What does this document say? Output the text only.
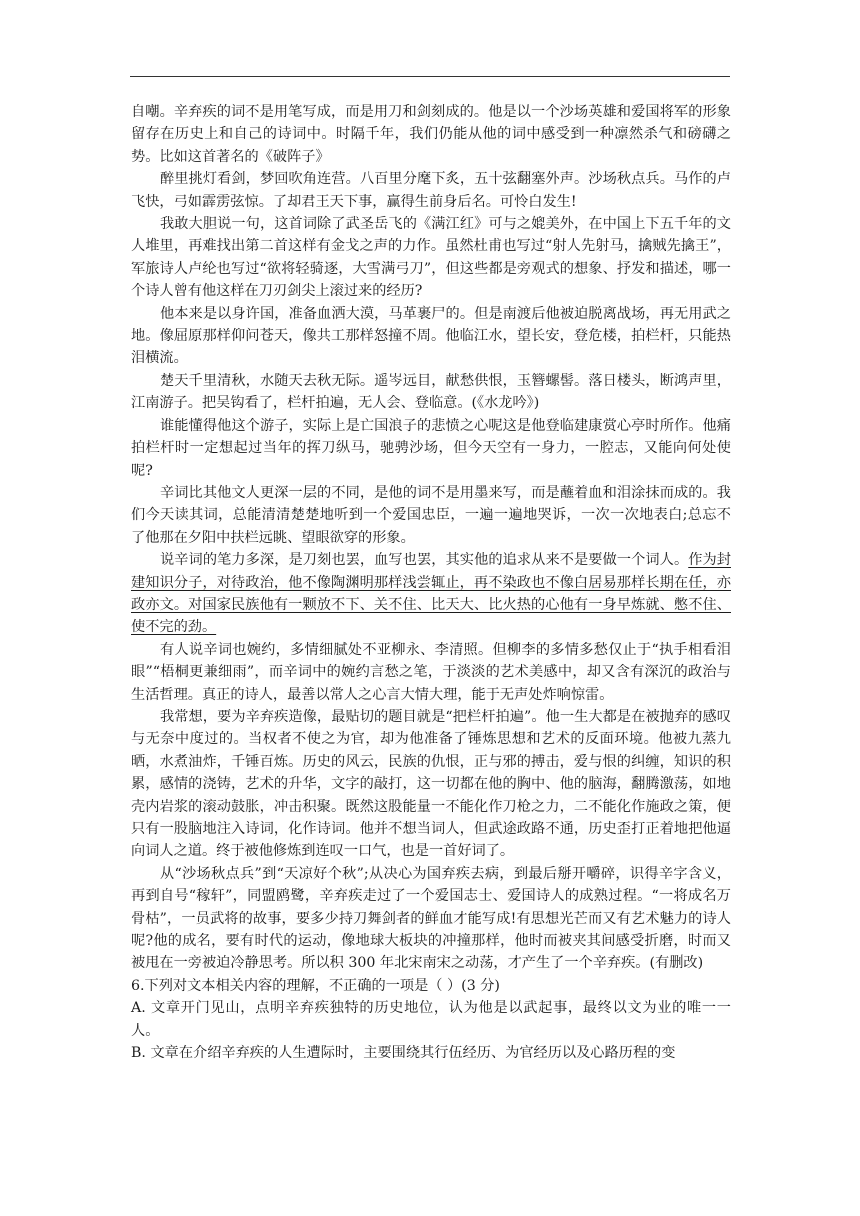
自嘲。辛弃疾的词不是用笔写成，而是用刀和剑刻成的。他是以一个沙场英雄和爱国将军的形象留存在历史上和自己的诗词中。时隔千年，我们仍能从他的词中感受到一种凛然杀气和磅礴之势。比如这首著名的《破阵子》

醉里挑灯看剑，梦回吹角连营。八百里分麾下炙，五十弦翻塞外声。沙场秋点兵。马作的卢飞快，弓如霹雳弦惊。了却君王天下事，赢得生前身后名。可怜白发生!

我敢大胆说一句，这首词除了武圣岳飞的《满江红》可与之媲美外，在中国上下五千年的文人堆里，再难找出第二首这样有金戈之声的力作。虽然杜甫也写过“射人先射马，擒贼先擒王”，军旅诗人卢纶也写过“欲将轻骑逐，大雪满弓刀”，但这些都是旁观式的想象、抒发和描述，哪一个诗人曾有他这样在刀刃剑尖上滚过来的经历?

他本来是以身许国，准备血洒大漠，马革裹尸的。但是南渡后他被迫脱离战场，再无用武之地。像屈原那样仰问苍天，像共工那样怒撞不周。他临江水，望长安，登危楼，拍栏杆，只能热泪横流。

楚天千里清秋，水随天去秋无际。遥岑远目，献愁供恨，玉簪螺髻。落日楼头，断鸿声里，江南游子。把吴钩看了，栏杆拍遍，无人会、登临意。(《水龙吟》)

谁能懂得他这个游子，实际上是亡国浪子的悲愤之心呢这是他登临建康赏心亭时所作。他痛拍栏杆时一定想起过当年的挥刀纵马，驰骋沙场，但今天空有一身力，一腔志，又能向何处使呢?

辛词比其他文人更深一层的不同，是他的词不是用墨来写，而是蘸着血和泪涂抹而成的。我们今天读其词，总能清清楚楚地听到一个爱国忠臣，一遍一遍地哭诉，一次一次地表白;总忘不了他那在夕阳中扶栏远眺、望眼欲穿的形象。

说辛词的笔力多深，是刀刻也罢，血写也罢，其实他的追求从来不是要做一个词人。作为封建知识分子，对待政治，他不像陶渊明那样浅尝辄止，再不染政也不像白居易那样长期在任，亦政亦文。对国家民族他有一颗放不下、关不住、比天大、比火热的心他有一身早炼就、憋不住、使不完的劲。

有人说辛词也婉约，多情细腻处不亚柳永、李清照。但柳李的多情多愁仅止于“执手相看泪眼”“梧桐更兼细雨”，而辛词中的婉约言愁之笔，于淡淡的艺术美感中，却又含有深沉的政治与生活哲理。真正的诗人，最善以常人之心言大情大理，能于无声处炸响惊雷。

我常想，要为辛弃疾造像，最贴切的题目就是“把栏杆拍遍”。他一生大都是在被抛弃的感叹与无奈中度过的。当权者不使之为官，却为他准备了锤炼思想和艺术的反面环境。他被九蒸九晒，水煮油炸，千锤百炼。历史的风云，民族的仇恨，正与邪的搏击，爱与恨的纠缠，知识的积累，感情的浇铸，艺术的升华，文字的敲打，这一切都在他的胸中、他的脑海，翻腾激荡，如地壳内岩浆的滚动鼓胀，冲击积聚。既然这股能量一不能化作刀枪之力，二不能化作施政之策，便只有一股脑地注入诗词，化作诗词。他并不想当词人，但武途政路不通，历史歪打正着地把他逼向词人之道。终于被他修炼到连叹一口气，也是一首好词了。

从“沙场秋点兵”到“天凉好个秋”;从决心为国弃疾去病，到最后掰开嚼碎，识得辛字含义，再到自号“稼轩”，同盟鸥鹭，辛弃疾走过了一个爱国志士、爱国诗人的成熟过程。“一将成名万骨枯”，一员武将的故事，要多少持刀舞剑者的鲜血才能写成!有思想光芒而又有艺术魅力的诗人呢?他的成名，要有时代的运动，像地球大板块的冲撞那样，他时而被夹其间感受折磨，时而又被甩在一旁被迫冷静思考。所以积 300 年北宋南宋之动荡，才产生了一个辛弃疾。(有删改)

6.下列对文本相关内容的理解，不正确的一项是（ ）(3 分)

A. 文章开门见山，点明辛弃疾独特的历史地位，认为他是以武起事，最终以文为业的唯一一人。

B. 文章在介绍辛弃疾的人生遭际时，主要围绕其行伍经历、为官经历以及心路历程的变
